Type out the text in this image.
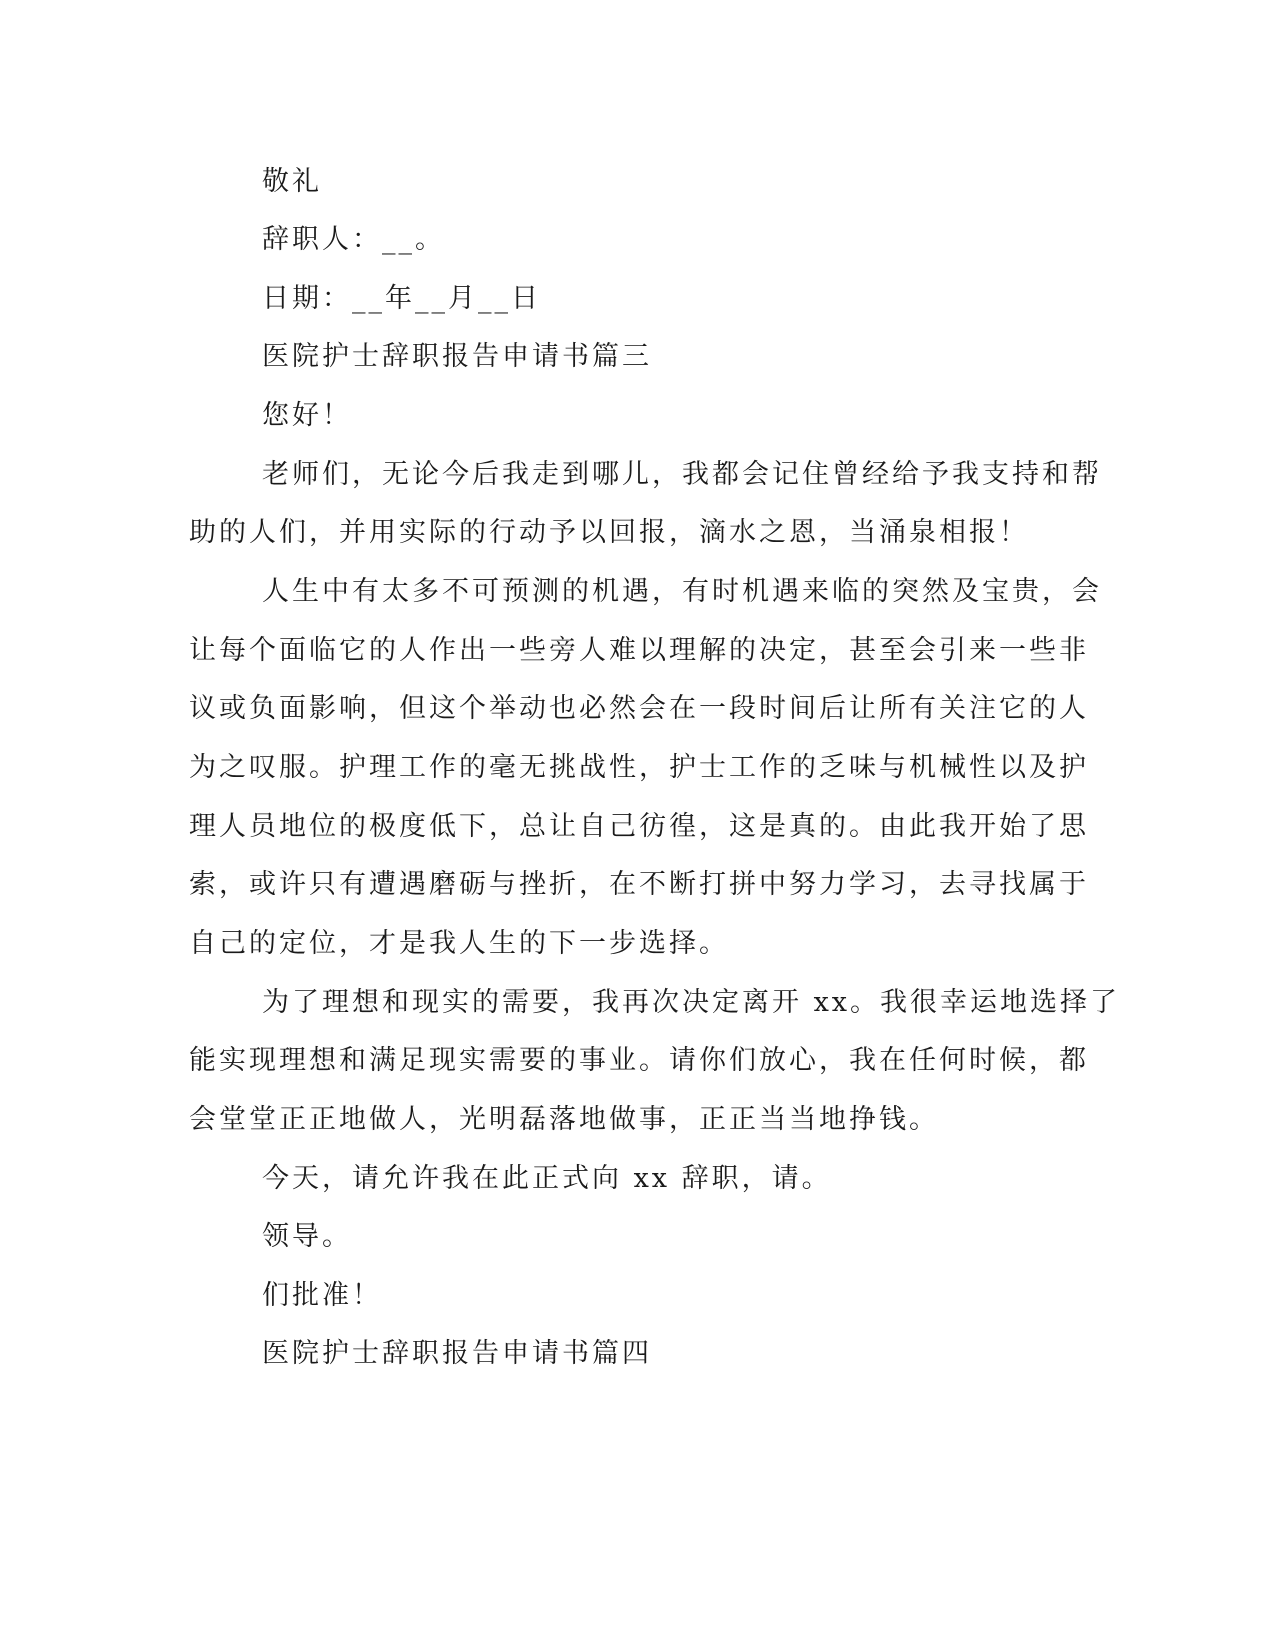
敬礼
辞职人：__。
日期：__年__月__日
医院护士辞职报告申请书篇三
您好！
老师们，无论今后我走到哪儿，我都会记住曾经给予我支持和帮
助的人们，并用实际的行动予以回报，滴水之恩，当涌泉相报！
人生中有太多不可预测的机遇，有时机遇来临的突然及宝贵，会
让每个面临它的人作出一些旁人难以理解的决定，甚至会引来一些非
议或负面影响，但这个举动也必然会在一段时间后让所有关注它的人
为之叹服。护理工作的毫无挑战性，护士工作的乏味与机械性以及护
理人员地位的极度低下，总让自己彷徨，这是真的。由此我开始了思
索，或许只有遭遇磨砺与挫折，在不断打拼中努力学习，去寻找属于
自己的定位，才是我人生的下一步选择。
为了理想和现实的需要，我再次决定离开 xx。我很幸运地选择了
能实现理想和满足现实需要的事业。请你们放心，我在任何时候，都
会堂堂正正地做人，光明磊落地做事，正正当当地挣钱。
今天，请允许我在此正式向 xx 辞职，请。
领导。
们批准！
医院护士辞职报告申请书篇四
